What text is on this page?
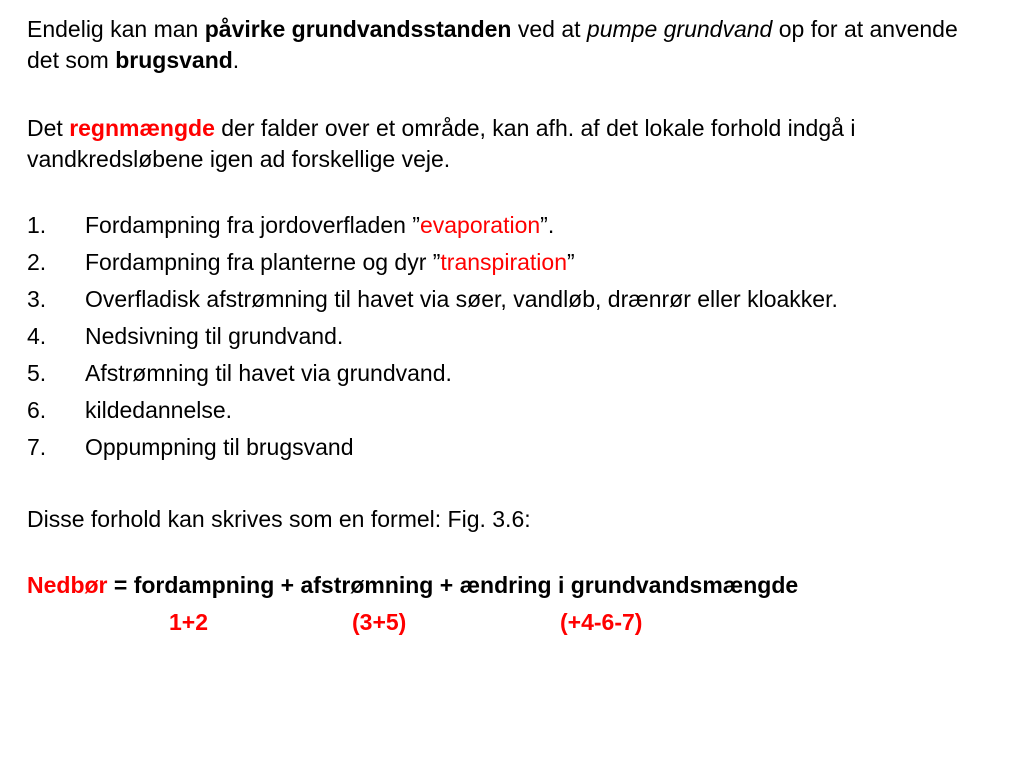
Endelig kan man påvirke grundvandsstanden ved at pumpe grundvand op for at anvende det som brugsvand.

Det regnmængde der falder over et område, kan afh. af det lokale forhold indgå i vandkredsløbene igen ad forskellige veje.

1.	Fordampning fra jordoverfladen ”evaporation”.
2.	Fordampning fra planterne og dyr ”transpiration”
3.	Overfladisk afstrømning til havet via søer, vandløb, drænrør eller kloakker.
4.	Nedsivning til grundvand.
5.	Afstrømning til havet via grundvand.
6.	kildedannelse.
7.	Oppumpning til brugsvand

Disse forhold kan skrives som en formel: Fig. 3.6:

Nedbør = fordampning + afstrømning + ændring i grundvandsmængde

1+2	(3+5)	(+4-6-7)
